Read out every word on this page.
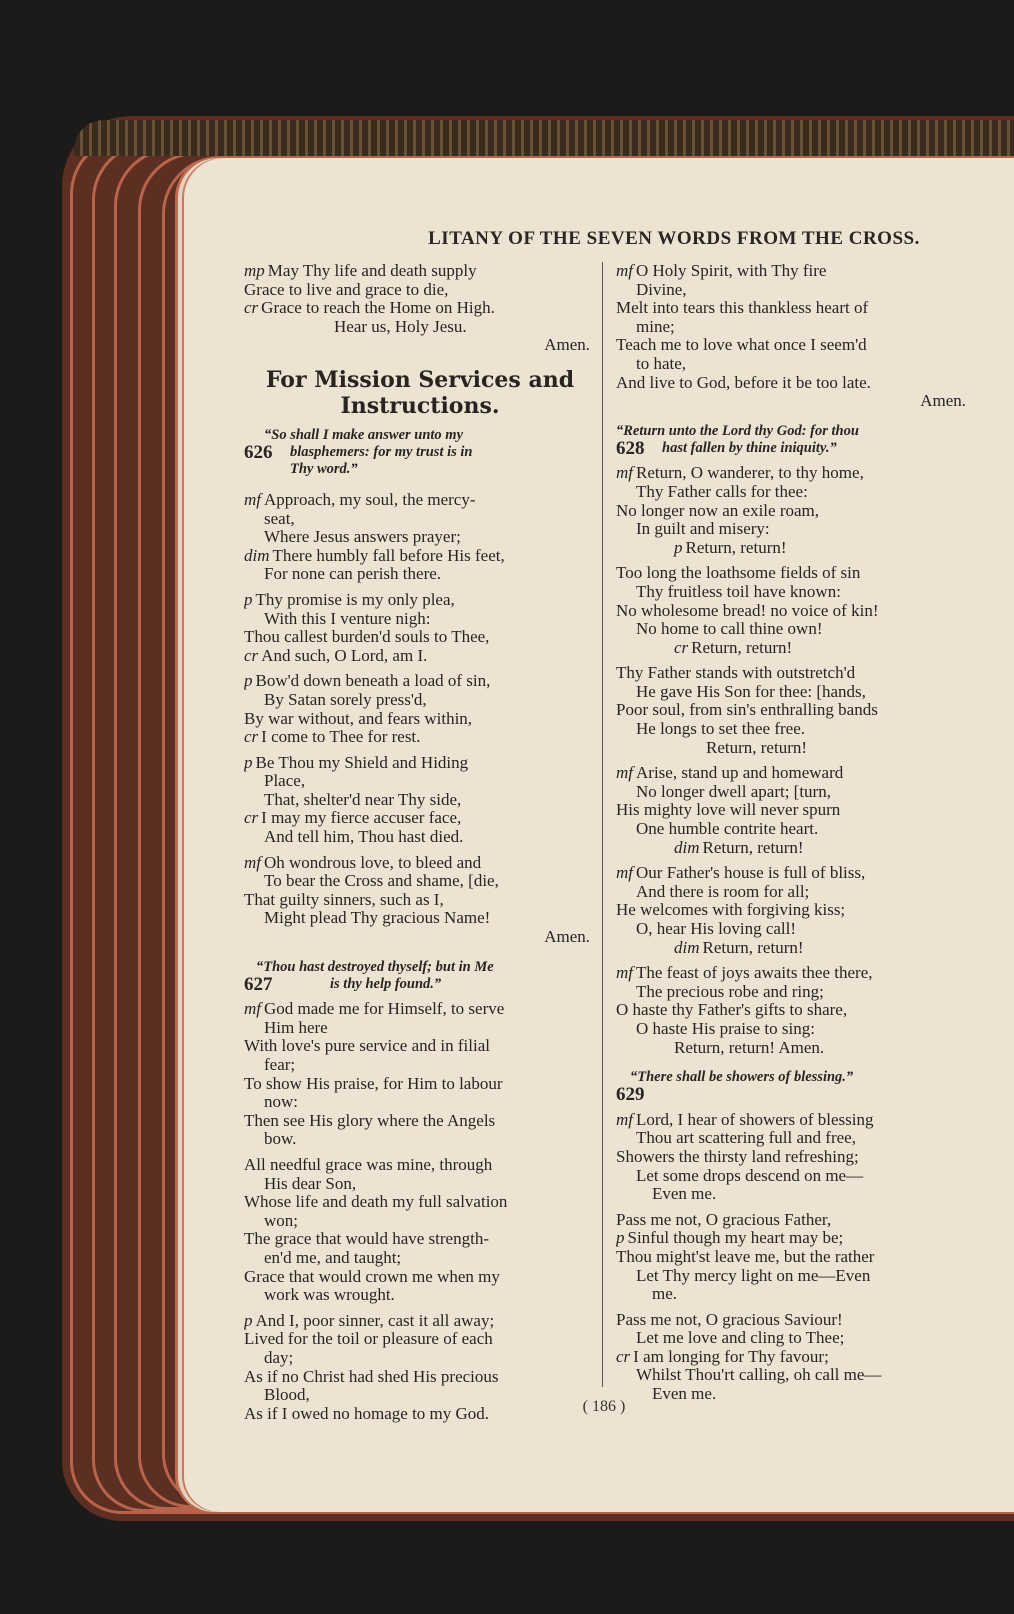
LITANY OF THE SEVEN WORDS FROM THE CROSS.
mp May Thy life and death supply
Grace to live and grace to die,
cr Grace to reach the Home on High.
Hear us, Holy Jesu.
Amen.
For Mission Services and
Instructions.
“So shall I make answer unto my
626	blasphemers: for my trust is in
Thy word.”
mf Approach, my soul, the mercy-
seat,
Where Jesus answers prayer;
dim There humbly fall before His feet,
For none can perish there.
p Thy promise is my only plea,
With this I venture nigh:
Thou callest burden'd souls to Thee,
cr And such, O Lord, am I.
p Bow'd down beneath a load of sin,
By Satan sorely press'd,
By war without, and fears within,
cr I come to Thee for rest.
p Be Thou my Shield and Hiding
Place,
That, shelter'd near Thy side,
cr I may my fierce accuser face,
And tell him, Thou hast died.
mf Oh wondrous love, to bleed and
To bear the Cross and shame, [die,
That guilty sinners, such as I,
Might plead Thy gracious Name!
Amen.
“Thou hast destroyed thyself; but in Me
627	is thy help found.”
mf God made me for Himself, to serve
Him here
With love's pure service and in filial
fear;
To show His praise, for Him to labour
now:
Then see His glory where the Angels
bow.
All needful grace was mine, through
His dear Son,
Whose life and death my full salvation
won;
The grace that would have strength-
en'd me, and taught;
Grace that would crown me when my
work was wrought.
p And I, poor sinner, cast it all away;
Lived for the toil or pleasure of each
day;
As if no Christ had shed His precious
Blood,
As if I owed no homage to my God.
mf O Holy Spirit, with Thy fire
Divine,
Melt into tears this thankless heart of
mine;
Teach me to love what once I seem'd
to hate,
And live to God, before it be too late.
Amen.
“Return unto the Lord thy God: for thou
628	hast fallen by thine iniquity.”
mf Return, O wanderer, to thy home,
Thy Father calls for thee:
No longer now an exile roam,
In guilt and misery:
p Return, return!
Too long the loathsome fields of sin
Thy fruitless toil have known:
No wholesome bread! no voice of kin!
No home to call thine own!
cr Return, return!
Thy Father stands with outstretch'd
He gave His Son for thee: [hands,
Poor soul, from sin's enthralling bands
He longs to set thee free.
Return, return!
mf Arise, stand up and homeward
No longer dwell apart; [turn,
His mighty love will never spurn
One humble contrite heart.
dim Return, return!
mf Our Father's house is full of bliss,
And there is room for all;
He welcomes with forgiving kiss;
O, hear His loving call!
dim Return, return!
mf The feast of joys awaits thee there,
The precious robe and ring;
O haste thy Father's gifts to share,
O haste His praise to sing:
Return, return! Amen.
“There shall be showers of blessing.”
629
mf Lord, I hear of showers of blessing
Thou art scattering full and free,
Showers the thirsty land refreshing;
Let some drops descend on me—
Even me.
Pass me not, O gracious Father,
p Sinful though my heart may be;
Thou might'st leave me, but the rather
Let Thy mercy light on me—Even
me.
Pass me not, O gracious Saviour!
Let me love and cling to Thee;
cr I am longing for Thy favour;
Whilst Thou'rt calling, oh call me—
Even me.
( 186 )
